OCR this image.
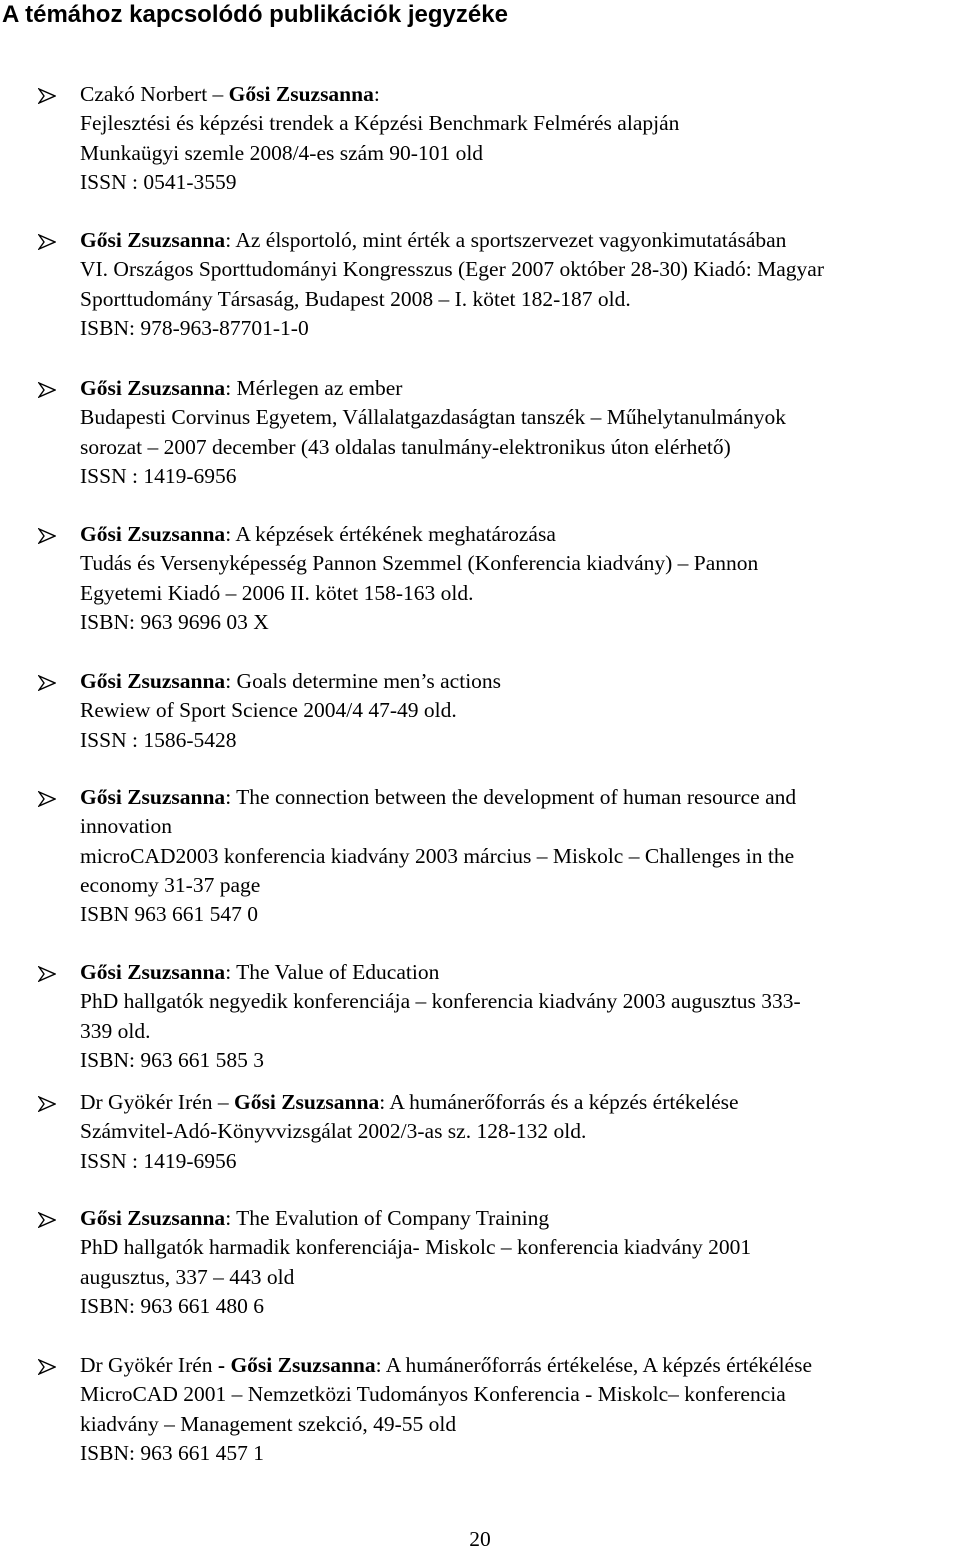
A témához kapcsolódó publikációk jegyzéke
Czakó Norbert – Gősi Zsuzsanna:
Fejlesztési és képzési trendek a Képzési Benchmark Felmérés alapján
Munkaügyi szemle 2008/4-es szám 90-101 old
ISSN : 0541-3559
Gősi Zsuzsanna: Az élsportoló, mint érték a sportszervezet vagyonkimutatásában
VI. Országos Sporttudományi Kongresszus (Eger 2007 október 28-30) Kiadó: Magyar
Sporttudomány Társaság, Budapest 2008 – I. kötet 182-187 old.
ISBN: 978-963-87701-1-0
Gősi Zsuzsanna: Mérlegen az ember
Budapesti Corvinus Egyetem, Vállalatgazdaságtan tanszék – Műhelytanulmányok
sorozat – 2007 december (43 oldalas tanulmány-elektronikus úton elérhető)
ISSN : 1419-6956
Gősi Zsuzsanna: A képzések értékének meghatározása
Tudás és Versenyképesség Pannon Szemmel (Konferencia kiadvány) – Pannon
Egyetemi Kiadó – 2006 II. kötet 158-163 old.
ISBN: 963 9696 03 X
Gősi Zsuzsanna: Goals determine men’s actions
Rewiew of Sport Science 2004/4 47-49 old.
ISSN : 1586-5428
Gősi Zsuzsanna: The connection between the development of human resource and
innovation
microCAD2003 konferencia kiadvány 2003 március – Miskolc – Challenges in the
economy 31-37 page
ISBN 963 661 547 0
Gősi Zsuzsanna: The Value of Education
PhD hallgatók negyedik konferenciája – konferencia kiadvány 2003 augusztus 333-
339 old.
ISBN: 963 661 585 3
Dr Gyökér Irén – Gősi Zsuzsanna: A humánerőforrás és a képzés értékelése
Számvitel-Adó-Könyvvizsgálat 2002/3-as sz. 128-132 old.
ISSN : 1419-6956
Gősi Zsuzsanna: The Evalution of Company Training
PhD hallgatók harmadik konferenciája- Miskolc – konferencia kiadvány 2001
augusztus, 337 – 443 old
ISBN: 963 661 480 6
Dr Gyökér Irén - Gősi Zsuzsanna: A humánerőforrás értékelése, A képzés értékélése
MicroCAD 2001 – Nemzetközi Tudományos Konferencia - Miskolc– konferencia
kiadvány – Management szekció, 49-55 old
ISBN: 963 661 457 1
20
